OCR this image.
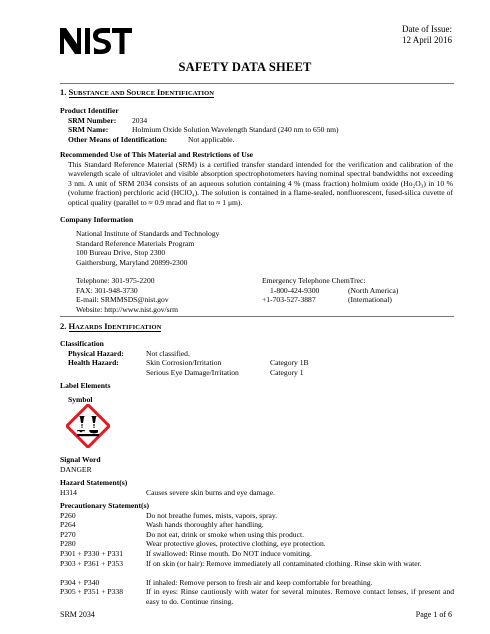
Date of Issue:
12 April 2016
SAFETY DATA SHEET
1. SUBSTANCE AND SOURCE IDENTIFICATION
Product Identifier
SRM Number: 2034
SRM Name:	Holmium Oxide Solution Wavelength Standard (240 nm to 650 nm)
Other Means of Identification:	Not applicable.
Recommended Use of This Material and Restrictions of Use
This Standard Reference Material (SRM) is a certified transfer standard intended for the verification and calibration of the wavelength scale of ultraviolet and visible absorption spectrophotometers having nominal spectral bandwidths not exceeding 3 nm. A unit of SRM 2034 consists of an aqueous solution containing 4 % (mass fraction) holmium oxide (Ho₂O₃) in 10 % (volume fraction) perchloric acid (HClO₄). The solution is contained in a flame-sealed, nonfluorescent, fused-silica cuvette of optical quality (parallel to ≈ 0.9 mrad and flat to ≈ 1 μm).
Company Information
National Institute of Standards and Technology
Standard Reference Materials Program
100 Bureau Drive, Stop 2300
Gaithersburg, Maryland 20899-2300
Telephone: 301-975-2200
FAX: 301-948-3730
E-mail: SRMMSDS@nist.gov
Website: http://www.nist.gov/srm
Emergency Telephone ChemTrec:
1-800-424-9300	(North America)
+1-703-527-3887	(International)
2. HAZARDS IDENTIFICATION
Classification
Physical Hazard:	Not classified.
Health Hazard:	Skin Corrosion/Irritation	Category 1B
Serious Eye Damage/Irritation	Category 1
Label Elements
Symbol
Signal Word
DANGER
Hazard Statement(s)
H314	Causes severe skin burns and eye damage.
Precautionary Statement(s)
P260	Do not breathe fumes, mists, vapors, spray.
P264	Wash hands thoroughly after handling.
P270	Do not eat, drink or smoke when using this product.
P280	Wear protective gloves, protective clothing, eye protection.
P301 + P330 + P331	If swallowed: Rinse mouth. Do NOT induce vomiting.
P303 + P361 + P353	If on skin (or hair): Remove immediately all contaminated clothing. Rinse skin with water.
P304 + P340	If inhaled: Remove person to fresh air and keep comfortable for breathing.
P305 + P351 + P338	If in eyes: Rinse cautiously with water for several minutes. Remove contact lenses, if present and easy to do. Continue rinsing.
SRM 2034	Page 1 of 6
